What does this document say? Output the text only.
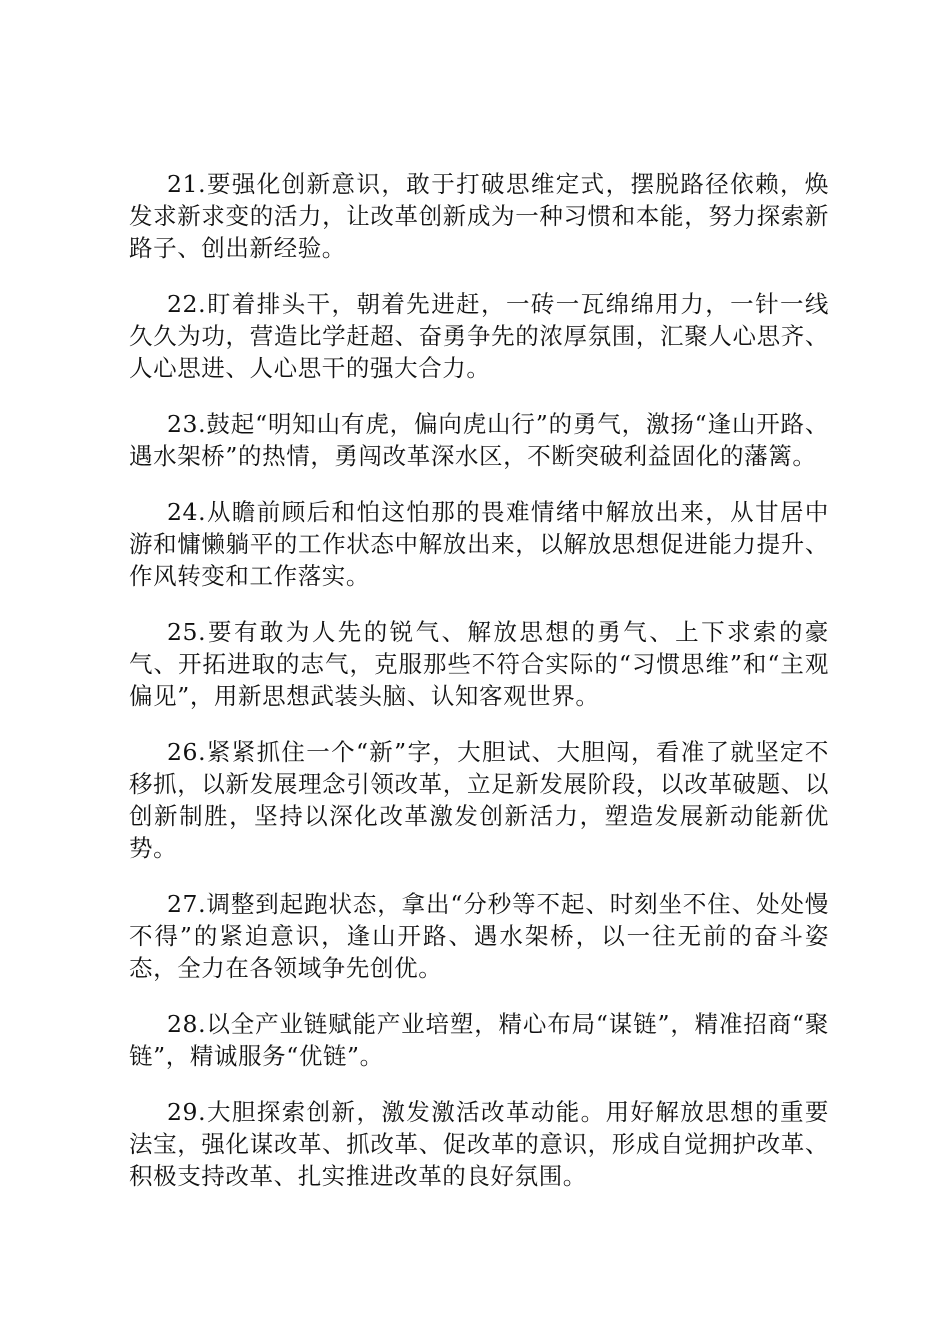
21.要强化创新意识，敢于打破思维定式，摆脱路径依赖，焕发求新求变的活力，让改革创新成为一种习惯和本能，努力探索新路子、创出新经验。

22.盯着排头干，朝着先进赶，一砖一瓦绵绵用力，一针一线久久为功，营造比学赶超、奋勇争先的浓厚氛围，汇聚人心思齐、人心思进、人心思干的强大合力。

23.鼓起“明知山有虎，偏向虎山行”的勇气，激扬“逢山开路、遇水架桥”的热情，勇闯改革深水区，不断突破利益固化的藩篱。

24.从瞻前顾后和怕这怕那的畏难情绪中解放出来，从甘居中游和慵懒躺平的工作状态中解放出来，以解放思想促进能力提升、作风转变和工作落实。

25.要有敢为人先的锐气、解放思想的勇气、上下求索的豪气、开拓进取的志气，克服那些不符合实际的“习惯思维”和“主观偏见”，用新思想武装头脑、认知客观世界。

26.紧紧抓住一个“新”字，大胆试、大胆闯，看准了就坚定不移抓，以新发展理念引领改革，立足新发展阶段，以改革破题、以创新制胜，坚持以深化改革激发创新活力，塑造发展新动能新优势。

27.调整到起跑状态，拿出“分秒等不起、时刻坐不住、处处慢不得”的紧迫意识，逢山开路、遇水架桥，以一往无前的奋斗姿态，全力在各领域争先创优。

28.以全产业链赋能产业培塑，精心布局“谋链”，精准招商“聚链”，精诚服务“优链”。

29.大胆探索创新，激发激活改革动能。用好解放思想的重要法宝，强化谋改革、抓改革、促改革的意识，形成自觉拥护改革、积极支持改革、扎实推进改革的良好氛围。
